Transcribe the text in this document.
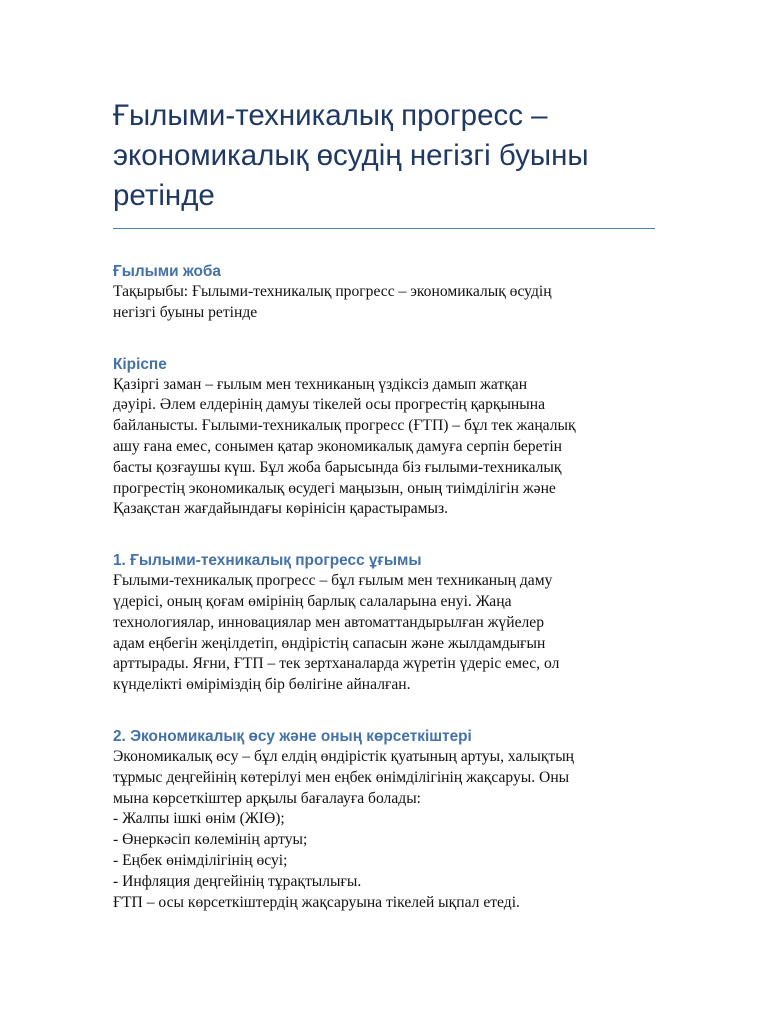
Ғылыми-техникалық прогресс –
экономикалық өсудің негізгі буыны
ретінде
Ғылыми жоба

Тақырыбы: Ғылыми-техникалық прогресс – экономикалық өсудің
негізгі буыны ретінде

Кіріспе

Қазіргі заман – ғылым мен техниканың үздіксіз дамып жатқан
дәуірі. Әлем елдерінің дамуы тікелей осы прогрестің қарқынына
байланысты. Ғылыми-техникалық прогресс (ҒТП) – бұл тек жаңалық
ашу ғана емес, сонымен қатар экономикалық дамуға серпін беретін
басты қозғаушы күш. Бұл жоба барысында біз ғылыми-техникалық
прогрестің экономикалық өсудегі маңызын, оның тиімділігін және
Қазақстан жағдайындағы көрінісін қарастырамыз.

1. Ғылыми-техникалық прогресс ұғымы

Ғылыми-техникалық прогресс – бұл ғылым мен техниканың даму
үдерісі, оның қоғам өмірінің барлық салаларына енуі. Жаңа
технологиялар, инновациялар мен автоматтандырылған жүйелер
адам еңбегін жеңілдетіп, өндірістің сапасын және жылдамдығын
арттырады. Яғни, ҒТП – тек зертханаларда жүретін үдеріс емес, ол
күнделікті өміріміздің бір бөлігіне айналған.

2. Экономикалық өсу және оның көрсеткіштері

Экономикалық өсу – бұл елдің өндірістік қуатының артуы, халықтың
тұрмыс деңгейінің көтерілуі мен еңбек өнімділігінің жақсаруы. Оны
мына көрсеткіштер арқылы бағалауға болады:
- Жалпы ішкі өнім (ЖІӨ);
- Өнеркәсіп көлемінің артуы;
- Еңбек өнімділігінің өсуі;
- Инфляция деңгейінің тұрақтылығы.
ҒТП – осы көрсеткіштердің жақсаруына тікелей ықпал етеді.
